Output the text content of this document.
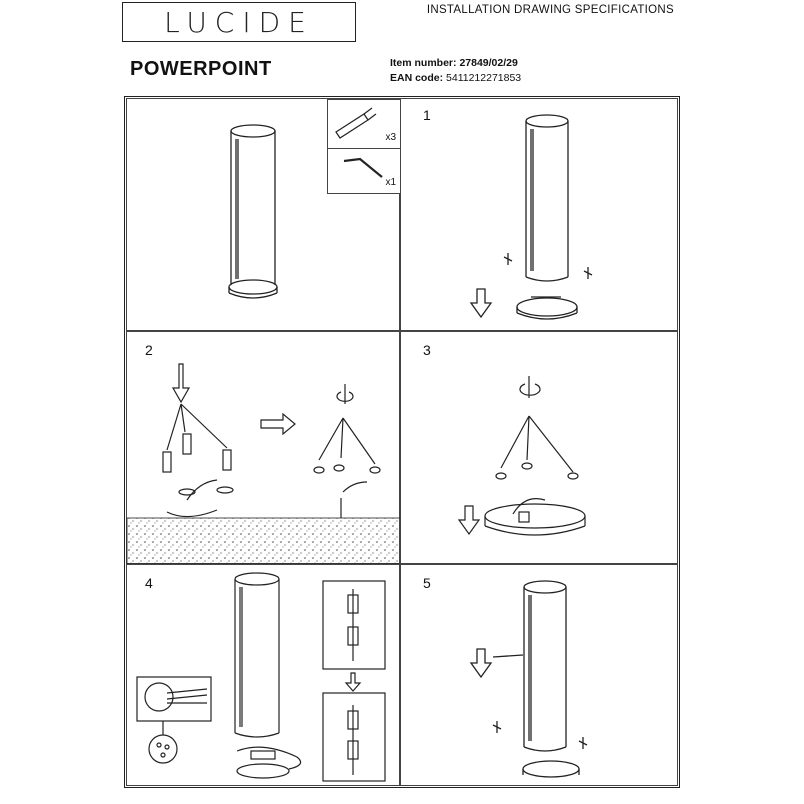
LUCIDE	INSTALLATION DRAWING SPECIFICATIONS
POWERPOINT	Item number: 27849/02/29
EAN code: 5411212271853
x3
x1
1
2	3
4	5
